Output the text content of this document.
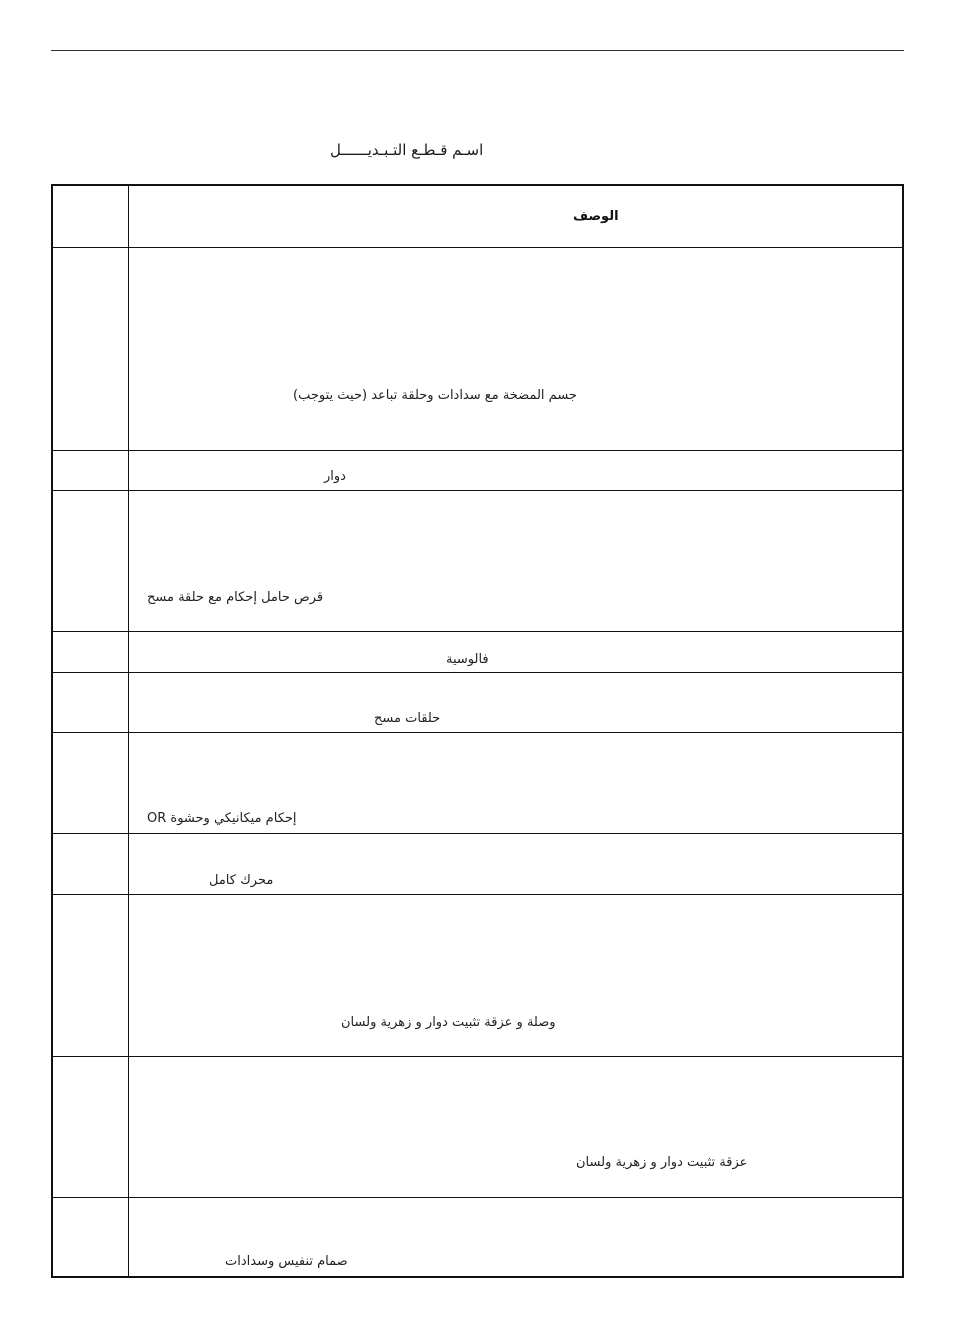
اسـم قـطـع التـبـديــــــل
الوصف
جسم المضخة مع سدادات وحلقة تباعد (حيث يتوجب)
دوار
قرص حامل إحكام مع حلقة مسح
فالوسية
حلقات مسح
إحكام ميكانيكي وحشوة OR
محرك كامل
وصلة و عزقة تثبيت دوار و زهرية ولسان
عزقة تثبيت دوار و زهرية ولسان
صمام تنفيس وسدادات
